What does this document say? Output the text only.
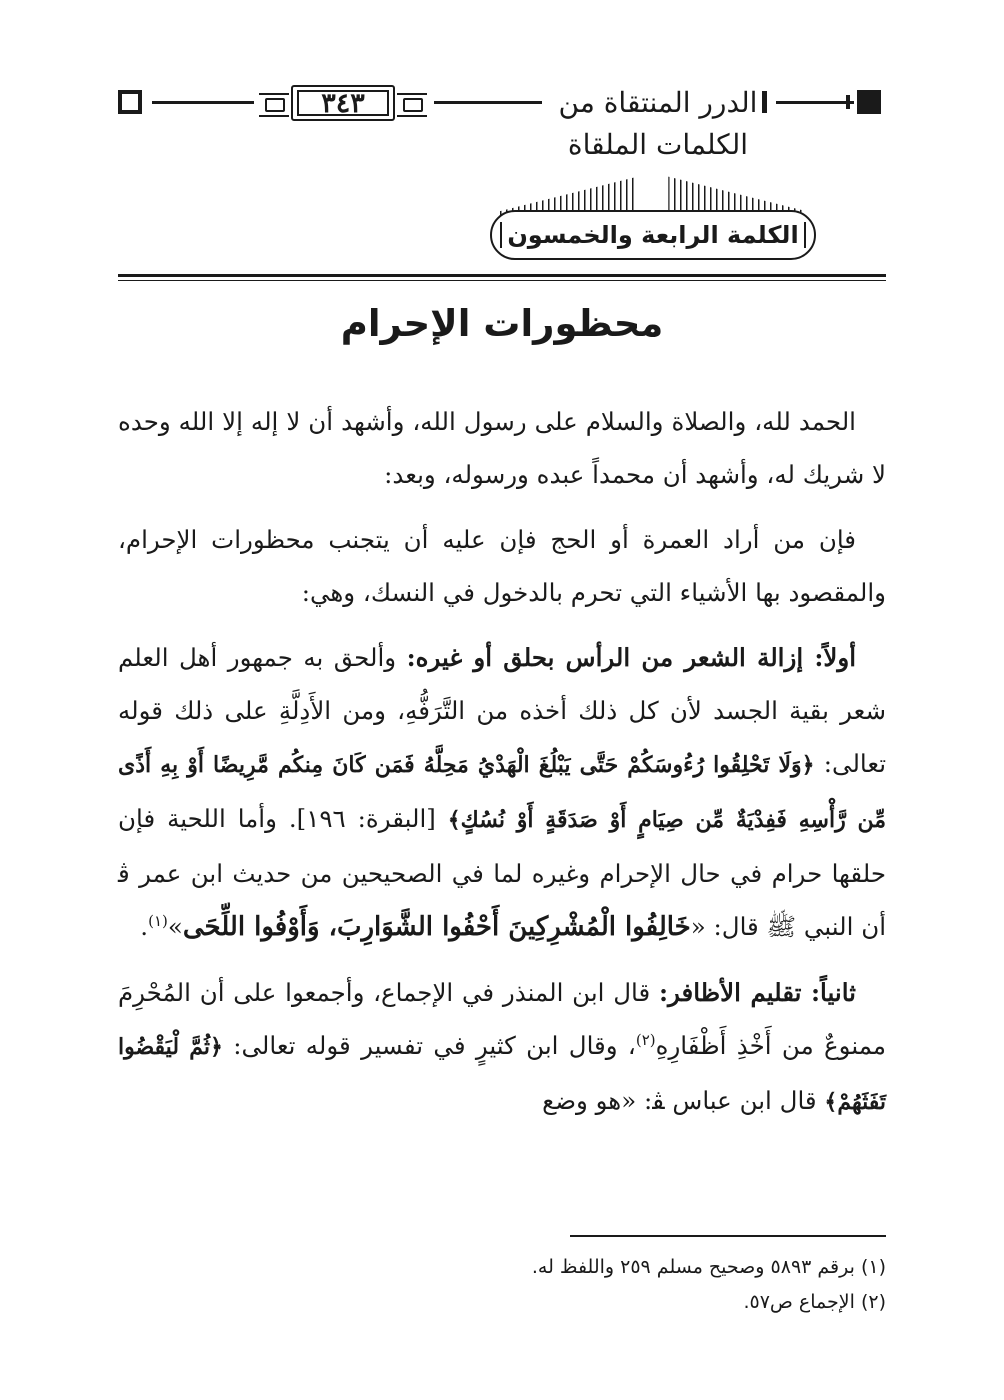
٣٤٣	الدرر المنتقاة من الكلمات الملقاة
الكلمة الرابعة والخمسون
محظورات الإحرام

الحمد لله، والصلاة والسلام على رسول الله، وأشهد أن لا إله إلا الله وحده لا شريك له، وأشهد أن محمداً عبده ورسوله، وبعد:

فإن من أراد العمرة أو الحج فإن عليه أن يتجنب محظورات الإحرام، والمقصود بها الأشياء التي تحرم بالدخول في النسك، وهي:

أولاً: إزالة الشعر من الرأس بحلق أو غيره: وألحق به جمهور أهل العلم شعر بقية الجسد لأن كل ذلك أخذه من التَّرَفُّهِ، ومن الأَدِلَّةِ على ذلك قوله تعالى: ﴿وَلَا تَحْلِقُوا رُءُوسَكُمْ حَتَّى يَبْلُغَ الْهَدْيُ مَحِلَّهُ فَمَن كَانَ مِنكُم مَّرِيضًا أَوْ بِهِ أَذًى مِّن رَّأْسِهِ فَفِدْيَةٌ مِّن صِيَامٍ أَوْ صَدَقَةٍ أَوْ نُسُكٍ﴾ [البقرة: ١٩٦]. وأما اللحية فإن حلقها حرام في حال الإحرام وغيره لما في الصحيحين من حديث ابن عمر ﭬ أن النبي ﷺ قال: «خَالِفُوا الْمُشْرِكِينَ أَحْفُوا الشَّوَارِبَ، وَأَوْفُوا اللِّحَى»$^{(١)}$.

ثانياً: تقليم الأظافر: قال ابن المنذر في الإجماع، وأجمعوا على أن المُحْرِمَ ممنوعٌ من أَخْذِ أَظْفَارِهِ$^{(٢)}$، وقال ابن كثيرٍ في تفسير قوله تعالى: ﴿ثُمَّ لْيَقْضُوا تَفَثَهُمْ﴾ قال ابن عباس ﭭ: «هو وضع

(١) برقم ٥٨٩٣ وصحيح مسلم ٢٥٩ واللفظ له.

(٢) الإجماع ص٥٧.
